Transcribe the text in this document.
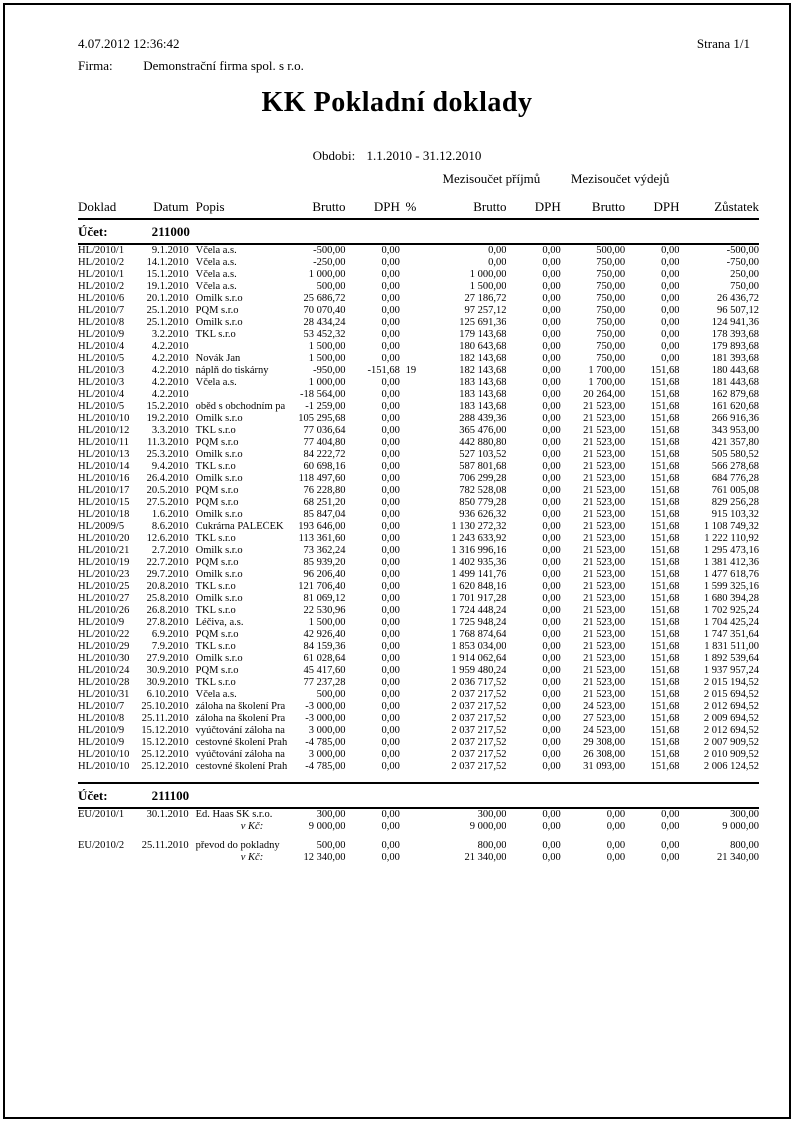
4.07.2012 12:36:42	Strana 1/1
Firma: Demonstrační firma spol. s r.o.
KK Pokladní doklady
Obdobi: 1.1.2010 - 31.12.2010
						Mezisoučet příjmů		Mezisoučet výdejů		
Doklad	Datum	Popis	Brutto	DPH	%	Brutto	DPH	Brutto	DPH	Zůstatek
Účet: 211000										
HL/2010/1	9.1.2010	Včela a.s.	-500,00	0,00		0,00	0,00	500,00	0,00	-500,00
HL/2010/2	14.1.2010	Včela a.s.	-250,00	0,00		0,00	0,00	750,00	0,00	-750,00
HL/2010/1	15.1.2010	Včela a.s.	1 000,00	0,00		1 000,00	0,00	750,00	0,00	250,00
HL/2010/2	19.1.2010	Včela a.s.	500,00	0,00		1 500,00	0,00	750,00	0,00	750,00
HL/2010/6	20.1.2010	Omilk s.r.o	25 686,72	0,00		27 186,72	0,00	750,00	0,00	26 436,72
HL/2010/7	25.1.2010	PQM s.r.o	70 070,40	0,00		97 257,12	0,00	750,00	0,00	96 507,12
HL/2010/8	25.1.2010	Omilk s.r.o	28 434,24	0,00		125 691,36	0,00	750,00	0,00	124 941,36
HL/2010/9	3.2.2010	TKL s.r.o	53 452,32	0,00		179 143,68	0,00	750,00	0,00	178 393,68
HL/2010/4	4.2.2010		1 500,00	0,00		180 643,68	0,00	750,00	0,00	179 893,68
HL/2010/5	4.2.2010	Novák Jan	1 500,00	0,00		182 143,68	0,00	750,00	0,00	181 393,68
HL/2010/3	4.2.2010	náplň do tiskárny	-950,00	-151,68	19	182 143,68	0,00	1 700,00	151,68	180 443,68
HL/2010/3	4.2.2010	Včela a.s.	1 000,00	0,00		183 143,68	0,00	1 700,00	151,68	181 443,68
HL/2010/4	4.2.2010		-18 564,00	0,00		183 143,68	0,00	20 264,00	151,68	162 879,68
HL/2010/5	15.2.2010	oběd s obchodním pa	-1 259,00	0,00		183 143,68	0,00	21 523,00	151,68	161 620,68
HL/2010/10	19.2.2010	Omilk s.r.o	105 295,68	0,00		288 439,36	0,00	21 523,00	151,68	266 916,36
HL/2010/12	3.3.2010	TKL s.r.o	77 036,64	0,00		365 476,00	0,00	21 523,00	151,68	343 953,00
HL/2010/11	11.3.2010	PQM s.r.o	77 404,80	0,00		442 880,80	0,00	21 523,00	151,68	421 357,80
HL/2010/13	25.3.2010	Omilk s.r.o	84 222,72	0,00		527 103,52	0,00	21 523,00	151,68	505 580,52
HL/2010/14	9.4.2010	TKL s.r.o	60 698,16	0,00		587 801,68	0,00	21 523,00	151,68	566 278,68
HL/2010/16	26.4.2010	Omilk s.r.o	118 497,60	0,00		706 299,28	0,00	21 523,00	151,68	684 776,28
HL/2010/17	20.5.2010	PQM s.r.o	76 228,80	0,00		782 528,08	0,00	21 523,00	151,68	761 005,08
HL/2010/15	27.5.2010	PQM s.r.o	68 251,20	0,00		850 779,28	0,00	21 523,00	151,68	829 256,28
HL/2010/18	1.6.2010	Omilk s.r.o	85 847,04	0,00		936 626,32	0,00	21 523,00	151,68	915 103,32
HL/2009/5	8.6.2010	Cukrárna PALEČEK	193 646,00	0,00		1 130 272,32	0,00	21 523,00	151,68	1 108 749,32
HL/2010/20	12.6.2010	TKL s.r.o	113 361,60	0,00		1 243 633,92	0,00	21 523,00	151,68	1 222 110,92
HL/2010/21	2.7.2010	Omilk s.r.o	73 362,24	0,00		1 316 996,16	0,00	21 523,00	151,68	1 295 473,16
HL/2010/19	22.7.2010	PQM s.r.o	85 939,20	0,00		1 402 935,36	0,00	21 523,00	151,68	1 381 412,36
HL/2010/23	29.7.2010	Omilk s.r.o	96 206,40	0,00		1 499 141,76	0,00	21 523,00	151,68	1 477 618,76
HL/2010/25	20.8.2010	TKL s.r.o	121 706,40	0,00		1 620 848,16	0,00	21 523,00	151,68	1 599 325,16
HL/2010/27	25.8.2010	Omilk s.r.o	81 069,12	0,00		1 701 917,28	0,00	21 523,00	151,68	1 680 394,28
HL/2010/26	26.8.2010	TKL s.r.o	22 530,96	0,00		1 724 448,24	0,00	21 523,00	151,68	1 702 925,24
HL/2010/9	27.8.2010	Léčiva, a.s.	1 500,00	0,00		1 725 948,24	0,00	21 523,00	151,68	1 704 425,24
HL/2010/22	6.9.2010	PQM s.r.o	42 926,40	0,00		1 768 874,64	0,00	21 523,00	151,68	1 747 351,64
HL/2010/29	7.9.2010	TKL s.r.o	84 159,36	0,00		1 853 034,00	0,00	21 523,00	151,68	1 831 511,00
HL/2010/30	27.9.2010	Omilk s.r.o	61 028,64	0,00		1 914 062,64	0,00	21 523,00	151,68	1 892 539,64
HL/2010/24	30.9.2010	PQM s.r.o	45 417,60	0,00		1 959 480,24	0,00	21 523,00	151,68	1 937 957,24
HL/2010/28	30.9.2010	TKL s.r.o	77 237,28	0,00		2 036 717,52	0,00	21 523,00	151,68	2 015 194,52
HL/2010/31	6.10.2010	Včela a.s.	500,00	0,00		2 037 217,52	0,00	21 523,00	151,68	2 015 694,52
HL/2010/7	25.10.2010	záloha na školení Pra	-3 000,00	0,00		2 037 217,52	0,00	24 523,00	151,68	2 012 694,52
HL/2010/8	25.11.2010	záloha na školení Pra	-3 000,00	0,00		2 037 217,52	0,00	27 523,00	151,68	2 009 694,52
HL/2010/9	15.12.2010	vyúčtování záloha na	3 000,00	0,00		2 037 217,52	0,00	24 523,00	151,68	2 012 694,52
HL/2010/9	15.12.2010	cestovné školení Prah	-4 785,00	0,00		2 037 217,52	0,00	29 308,00	151,68	2 007 909,52
HL/2010/10	25.12.2010	vyúčtování záloha na	3 000,00	0,00		2 037 217,52	0,00	26 308,00	151,68	2 010 909,52
HL/2010/10	25.12.2010	cestovné školení Prah	-4 785,00	0,00		2 037 217,52	0,00	31 093,00	151,68	2 006 124,52

Účet: 211100										
EU/2010/1	30.1.2010	Ed. Haas SK s.r.o.	300,00	0,00		300,00	0,00	0,00	0,00	300,00
		v Kč:	9 000,00	0,00		9 000,00	0,00	0,00	0,00	9 000,00

EU/2010/2	25.11.2010	převod do pokladny	500,00	0,00		800,00	0,00	0,00	0,00	800,00
		v Kč:	12 340,00	0,00		21 340,00	0,00	0,00	0,00	21 340,00
